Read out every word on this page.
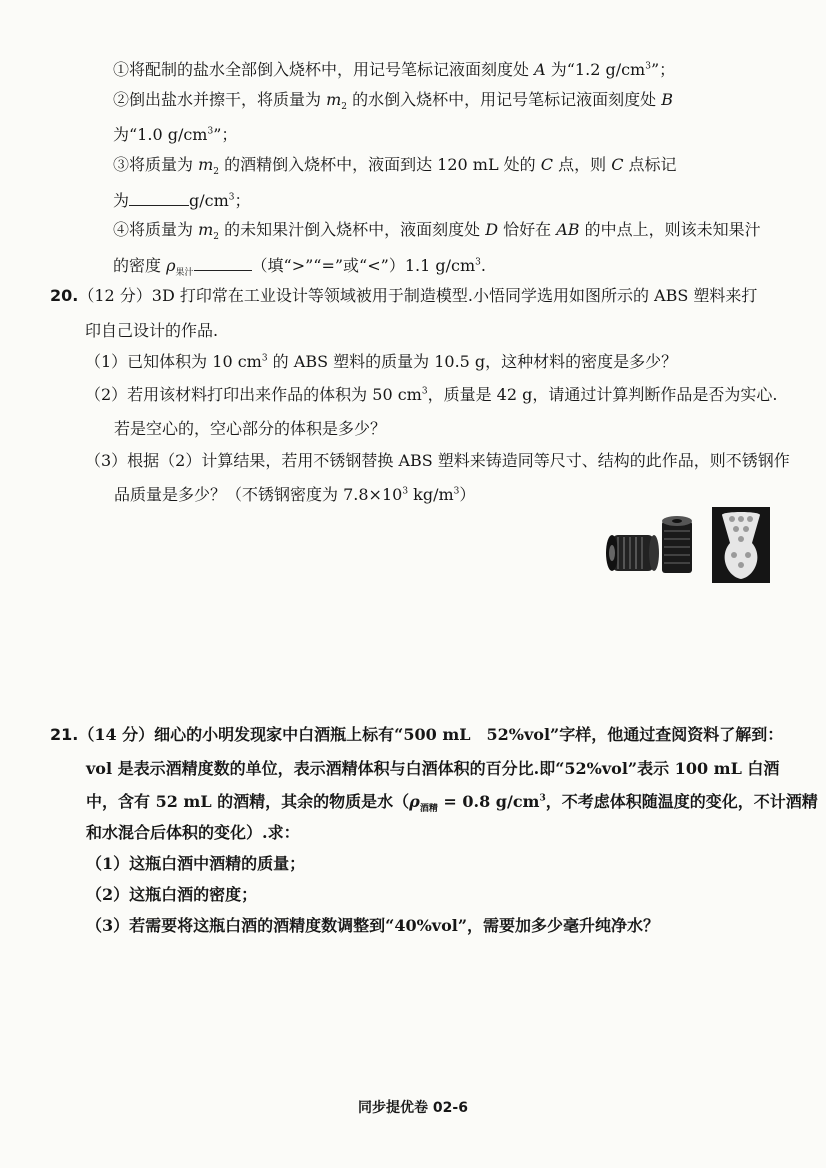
①将配制的盐水全部倒入烧杯中，用记号笔标记液面刻度处 A 为“1.2 $g/cm^3$”；
②倒出盐水并擦干，将质量为 $m_2$ 的水倒入烧杯中，用记号笔标记液面刻度处 B
为“1.0 $g/cm^3$”；
③将质量为 $m_2$ 的酒精倒入烧杯中，液面到达 120 mL 处的 C 点，则 C 点标记
为	$g/cm^3$；
④将质量为 $m_2$ 的未知果汁倒入烧杯中，液面刻度处 D 恰好在 AB 的中点上，则该未知果汁
的密度 $\rho_{果汁}$	（填“>”“=”或“<”）1.1 $g/cm^3$.
20.（12 分）3D 打印常在工业设计等领域被用于制造模型.小悟同学选用如图所示的 ABS 塑料来打
印自己设计的作品.
（1）已知体积为 10 $cm^3$ 的 ABS 塑料的质量为 10.5 g，这种材料的密度是多少？
（2）若用该材料打印出来作品的体积为 50 $cm^3$，质量是 42 g，请通过计算判断作品是否为实心.
若是空心的，空心部分的体积是多少？
（3）根据（2）计算结果，若用不锈钢替换 ABS 塑料来铸造同等尺寸、结构的此作品，则不锈钢作
品质量是多少？（不锈钢密度为 $7.8\times 10^3$ $kg/m^3$）
21.（14 分）细心的小明发现家中白酒瓶上标有“500 mL　52%vol”字样，他通过查阅资料了解到：
vol 是表示酒精度数的单位，表示酒精体积与白酒体积的百分比.即“52%vol”表示 100 mL 白酒
中，含有 52 mL 的酒精，其余的物质是水（$\rho_{酒精} = 0.8$ $g/cm^3$，不考虑体积随温度的变化，不计酒精
和水混合后体积的变化）.求：
（1）这瓶白酒中酒精的质量；
（2）这瓶白酒的密度；
（3）若需要将这瓶白酒的酒精度数调整到“40%vol”，需要加多少毫升纯净水？
同步提优卷 02-6
